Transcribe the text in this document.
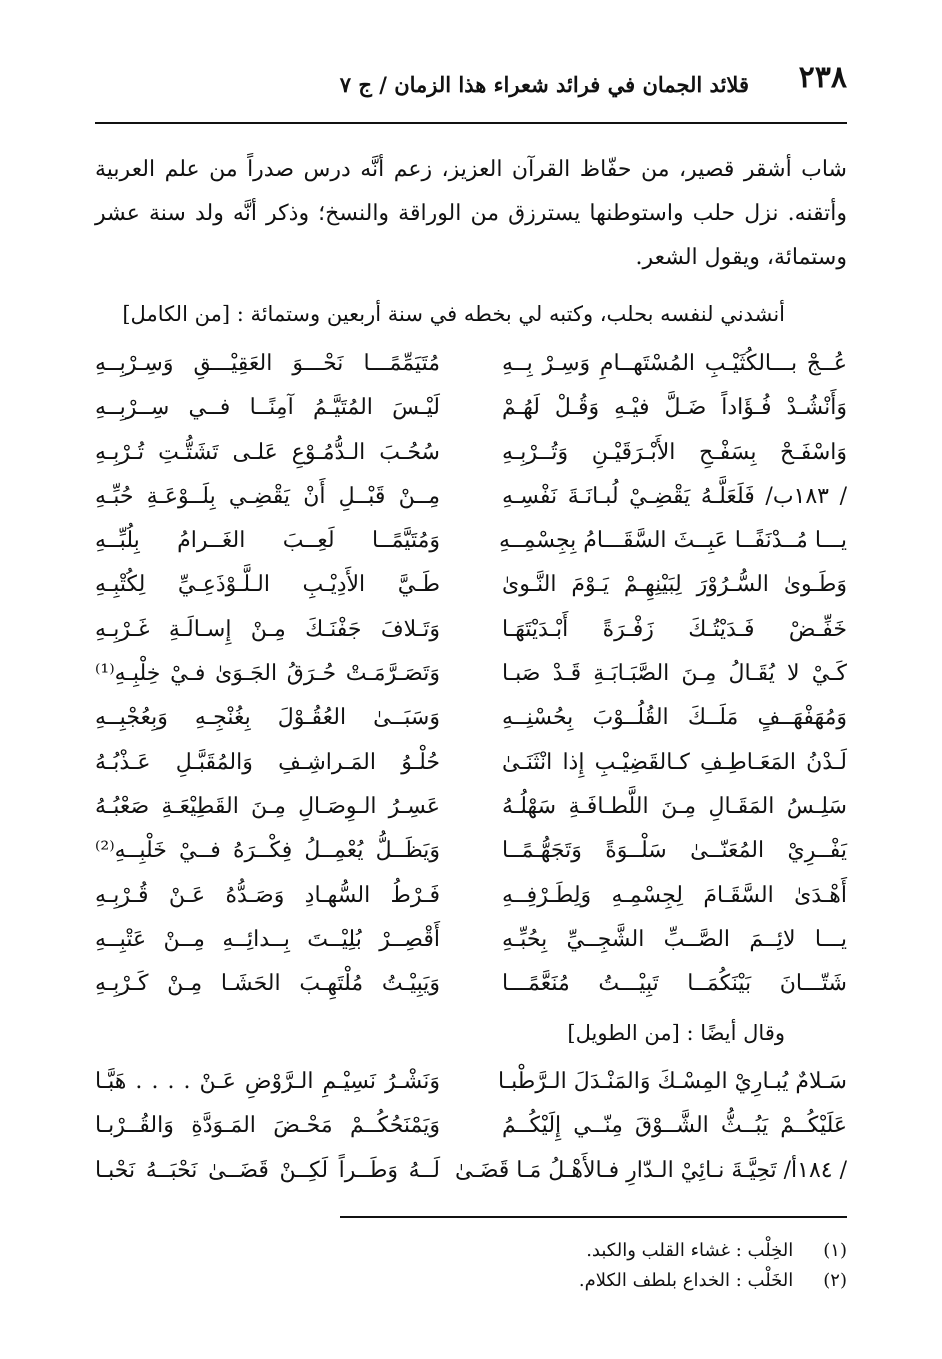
٢٣٨
قلائد الجمان في فرائد شعراء هذا الزمان / ج ٧

شاب أشقر قصير، من حفّاظ القرآن العزيز، زعم أنَّه درس صدراً من علم العربية وأتقنه. نزل حلب واستوطنها يسترزق من الوراقة والنسخ؛ وذكر أنَّه ولد سنة عشر وستمائة، ويقول الشعر.

أنشدني لنفسه بحلب، وكتبه لي بخطه في سنة أربعين وستمائة : [من الكامل]
عُــجْ بـــالكُثَيْـبِ المُسْتَهــامِ وَسِـرْ بِــهِ
مُتَيَمِّمًـــا نَحْـــوَ العَقِيْـــقِ وَسِـرْبِــهِ
وَأَنْشُـدْ فُـؤَاداً ضَـلَّ فيْـهِ وَقُـلْ لَهُـمْ
لَيْـسَ المُتَيَّـمُ آمِنًــا فــي سِــرْبِــهِ
وَاسْفَـحْ بِسَفْـحِ الأَبْـرَقَيْـنِ وَتُــرْبِـهِ
سُحُـبَ الـدُّمُـوْعِ عَلـى تَشَتُّـتِ تُـرْبِـهِ
/ ١٨٣ب/ فَلَعَلَّـهُ يَقْضِـيْ لُبـانَـةَ نَفْسِـهِ
مِــنْ قَبْــلِ أَنْ يَقْضِـي بِلَــوْعَـةِ حُبِّـهِ
يـــا مُــدْنَفًــا عَبِــثَ السَّقَـــامُ بِجِسْمِــهِ
وَمُتَيَّمًــا لَعِــبَ الغَــرامُ بِلُبِّــهِ
وَطَـوىٰ السُّـرُوْرَ لِبَيْنِهِـمْ يَـوْمَ النَّـوىٰ
طَـيَّ الأَدِيْـبِ الـلَّـوْذَعِـيِّ لِكُتْبِـهِ
خَفِّـضْ فَـدَيْتُـكَ زَفْـرَةً أَبْـدَيْتَهَـا
وَتَـلافَ جَفْنَـكَ مِـنْ إِسـالَـةِ غَـرْبِـهِ
كَـيْ لا يُقَـالُ مِـنَ الصَّبَـابَـةِ قَـدْ صَبـا
وَتَصَـرَّمَـتْ حُـرَقُ الجَـوَىٰ فـيْ خِلْبِـهِ⁽¹⁾
وَمُهَفْهَــفٍ مَلَــكَ القُلُــوْبَ بِحُسْنِــهِ
وَسَبَــىٰ العُقُـوْلَ بِغُنْجِـهِ وَبِعُجْبِــهِ
لَـدْنُ المَعَـاطِـفِ كـالقَضِيْـبِ إِذا انْثَنَـىٰ
حُلْـوُ المَـراشِـفِ وَالمُقَبَّـلِ عَـذْبُـهُ
سَلِـسُ المَقَـالِ مِـنَ اللَّطـافَـةِ سَهْلُـهُ
عَسِـرُ الـوِصَـالِ مِـنَ القَطِيْعَـةِ صَعْبُـهُ
يَفْــرِيْ المُعَنّــىٰ سَلْــوَةً وَتَجَهُّـمًــا
وَيَظَــلُّ يُعْمِــلُ فِكْــرَهُ فــيْ خَلْبِــهِ⁽²⁾
أَهْـدَىٰ السَّقَـامَ لِجِسْمِـهِ وَلِطَـرْفِــهِ
فَـرْطُ السُّهـادِ وَصَـدُّهُ عَـنْ قُـرْبِـهِ
يـــا لائِــمَ الصَّــبِّ الشَّجِــيِّ بِحُبِّـهِ
أَقْصِــرْ بُلِيْــتَ بِــدائِــهِ مِــنْ عَتْبِــهِ
شَتّـــانَ بَيْنَكُمَــا تَبِيْـــتُ مُنَعَّمًـــا
وَيَبِيْـتُ مُلْتَهِـبَ الحَشَـا مِـنْ كَـرْبِـهِ
وقال أيضًا : [من الطويل]
سَـلامٌ يُبـارِيْ المِسْـكَ وَالمَنْـدَلَ الـرَّطْبـا
وَنَشْـرُ نَسِيْـمِ الـرَّوْضِ عَـنْ . . . . هَبَّـا
عَلَيْكُــمْ يَبُــثُّ الشَّــوْقَ مِنّــي إِلَيْكُــمُ
وَيَمْنَحُكُــمْ مَحْـضَ المَـوَدَّةِ وَالقُــرْبـا
/ ١٨٤أ/ تَحِيَّـةَ نـائِيْ الـدّارِ فـالأَهْـلُ مَـا قَضَـىٰ
لَــهُ وَطَــراً لَكِــنْ قَضَــىٰ نَحْبَــهُ نَحْبـا
(١) الخِلْب : غشاء القلب والكبد.
(٢) الخَلْب : الخداع بلطف الكلام.
